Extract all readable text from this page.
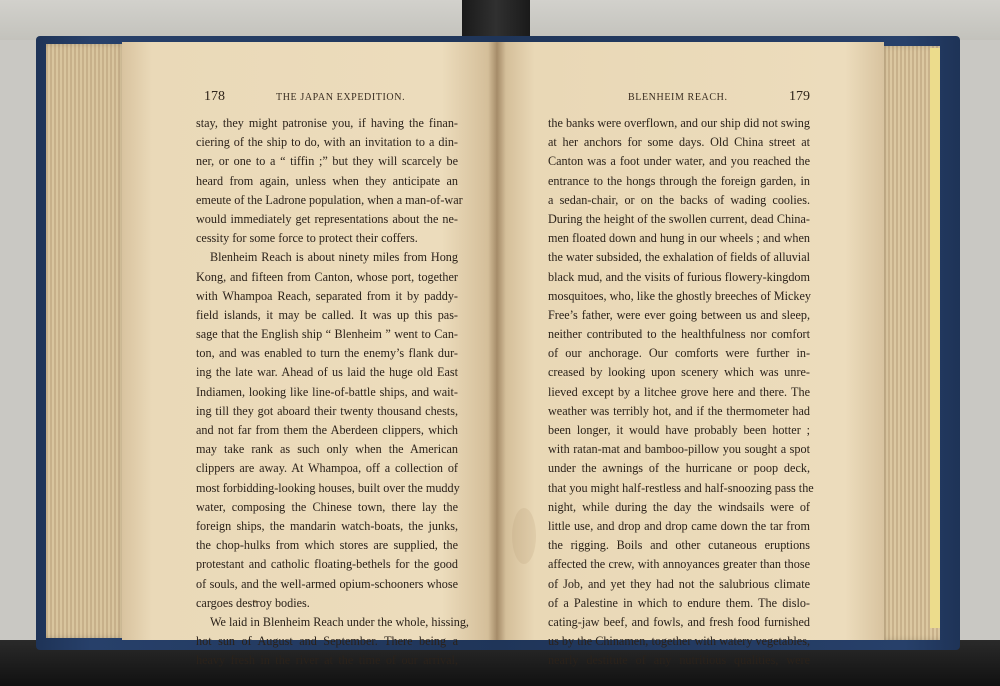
178	THE JAPAN EXPEDITION.	BLENHEIM REACH.	179
stay, they might patronise you, if having the finan-
ciering of the ship to do, with an invitation to a din-
ner, or one to a “ tiffin ;” but they will scarcely be
heard from again, unless when they anticipate an
emeute of the Ladrone population, when a man-of-war
would immediately get representations about the ne-
cessity for some force to protect their coffers.
Blenheim Reach is about ninety miles from Hong
Kong, and fifteen from Canton, whose port, together
with Whampoa Reach, separated from it by paddy-
field islands, it may be called. It was up this pas-
sage that the English ship “ Blenheim ” went to Can-
ton, and was enabled to turn the enemy’s flank dur-
ing the late war. Ahead of us laid the huge old East
Indiamen, looking like line-of-battle ships, and wait-
ing till they got aboard their twenty thousand chests,
and not far from them the Aberdeen clippers, which
may take rank as such only when the American
clippers are away. At Whampoa, off a collection of
most forbidding-looking houses, built over the muddy
water, composing the Chinese town, there lay the
foreign ships, the mandarin watch-boats, the junks,
the chop-hulks from which stores are supplied, the
protestant and catholic floating-bethels for the good
of souls, and the well-armed opium-schooners whose
cargoes destroy bodies.
We laid in Blenheim Reach under the whole, hissing,
hot sun of August and September. There being a
heavy fresh in the river at the time of our arrival,
the banks were overflown, and our ship did not swing
at her anchors for some days. Old China street at
Canton was a foot under water, and you reached the
entrance to the hongs through the foreign garden, in
a sedan-chair, or on the backs of wading coolies.
During the height of the swollen current, dead China-
men floated down and hung in our wheels ; and when
the water subsided, the exhalation of fields of alluvial
black mud, and the visits of furious flowery-kingdom
mosquitoes, who, like the ghostly breeches of Mickey
Free’s father, were ever going between us and sleep,
neither contributed to the healthfulness nor comfort
of our anchorage. Our comforts were further in-
creased by looking upon scenery which was unre-
lieved except by a litchee grove here and there. The
weather was terribly hot, and if the thermometer had
been longer, it would have probably been hotter ;
with ratan-mat and bamboo-pillow you sought a spot
under the awnings of the hurricane or poop deck,
that you might half-restless and half-snoozing pass the
night, while during the day the windsails were of
little use, and drop and drop came down the tar from
the rigging. Boils and other cutaneous eruptions
affected the crew, with annoyances greater than those
of Job, and yet they had not the salubrious climate
of a Palestine in which to endure them. The dislo-
cating-jaw beef, and fowls, and fresh food furnished
us by the Chinamen, together with watery vegetables,
nearly destitute of any nutritious qualities, were
